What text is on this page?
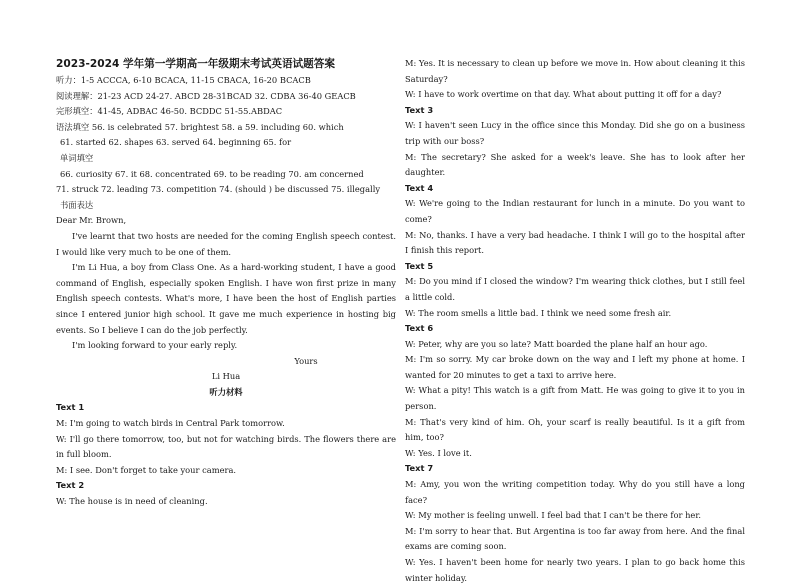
2023-2024 学年第一学期高一年级期末考试英语试题答案
听力：1-5 ACCCA, 6-10 BCACA, 11-15 CBACA, 16-20 BCACB
阅读理解：21-23 ACD 24-27. ABCD 28-31BCAD 32. CDBA 36-40 GEACB
完形填空：41-45, ADBAC 46-50. BCDDC 51-55.ABDAC
语法填空 56. is celebrated 57. brightest 58. a 59. including 60. which
61. started 62. shapes 63. served 64. beginning 65. for
单词填空
66. curiosity 67. it 68. concentrated 69. to be reading 70. am concerned
71. struck 72. leading 73. competition 74. (should ) be discussed 75. illegally
书面表达
Dear Mr. Brown,
I've learnt that two hosts are needed for the coming English speech contest. I would like very much to be one of them.
I'm Li Hua, a boy from Class One. As a hard-working student, I have a good command of English, especially spoken English. I have won first prize in many English speech contests. What's more, I have been the host of English parties since I entered junior high school. It gave me much experience in hosting big events. So I believe I can do the job perfectly.
I'm looking forward to your early reply.
Yours
Li Hua
听力材料
Text 1
M: I'm going to watch birds in Central Park tomorrow.
W: I'll go there tomorrow, too, but not for watching birds. The flowers there are in full bloom.
M: I see. Don't forget to take your camera.
Text 2
W: The house is in need of cleaning.
M: Yes. It is necessary to clean up before we move in. How about cleaning it this Saturday?
W: I have to work overtime on that day. What about putting it off for a day?
Text 3
W: I haven't seen Lucy in the office since this Monday. Did she go on a business trip with our boss?
M: The secretary? She asked for a week's leave. She has to look after her daughter.
Text 4
W: We're going to the Indian restaurant for lunch in a minute. Do you want to come?
M: No, thanks. I have a very bad headache. I think I will go to the hospital after I finish this report.
Text 5
M: Do you mind if I closed the window? I'm wearing thick clothes, but I still feel a little cold.
W: The room smells a little bad. I think we need some fresh air.
Text 6
W: Peter, why are you so late? Matt boarded the plane half an hour ago.
M: I'm so sorry. My car broke down on the way and I left my phone at home. I wanted for 20 minutes to get a taxi to arrive here.
W: What a pity! This watch is a gift from Matt. He was going to give it to you in person.
M: That's very kind of him. Oh, your scarf is really beautiful. Is it a gift from him, too?
W: Yes. I love it.
Text 7
M: Amy, you won the writing competition today. Why do you still have a long face?
W: My mother is feeling unwell. I feel bad that I can't be there for her.
M: I'm sorry to hear that. But Argentina is too far away from here. And the final exams are coming soon.
W: Yes. I haven't been home for nearly two years. I plan to go back home this winter holiday.
